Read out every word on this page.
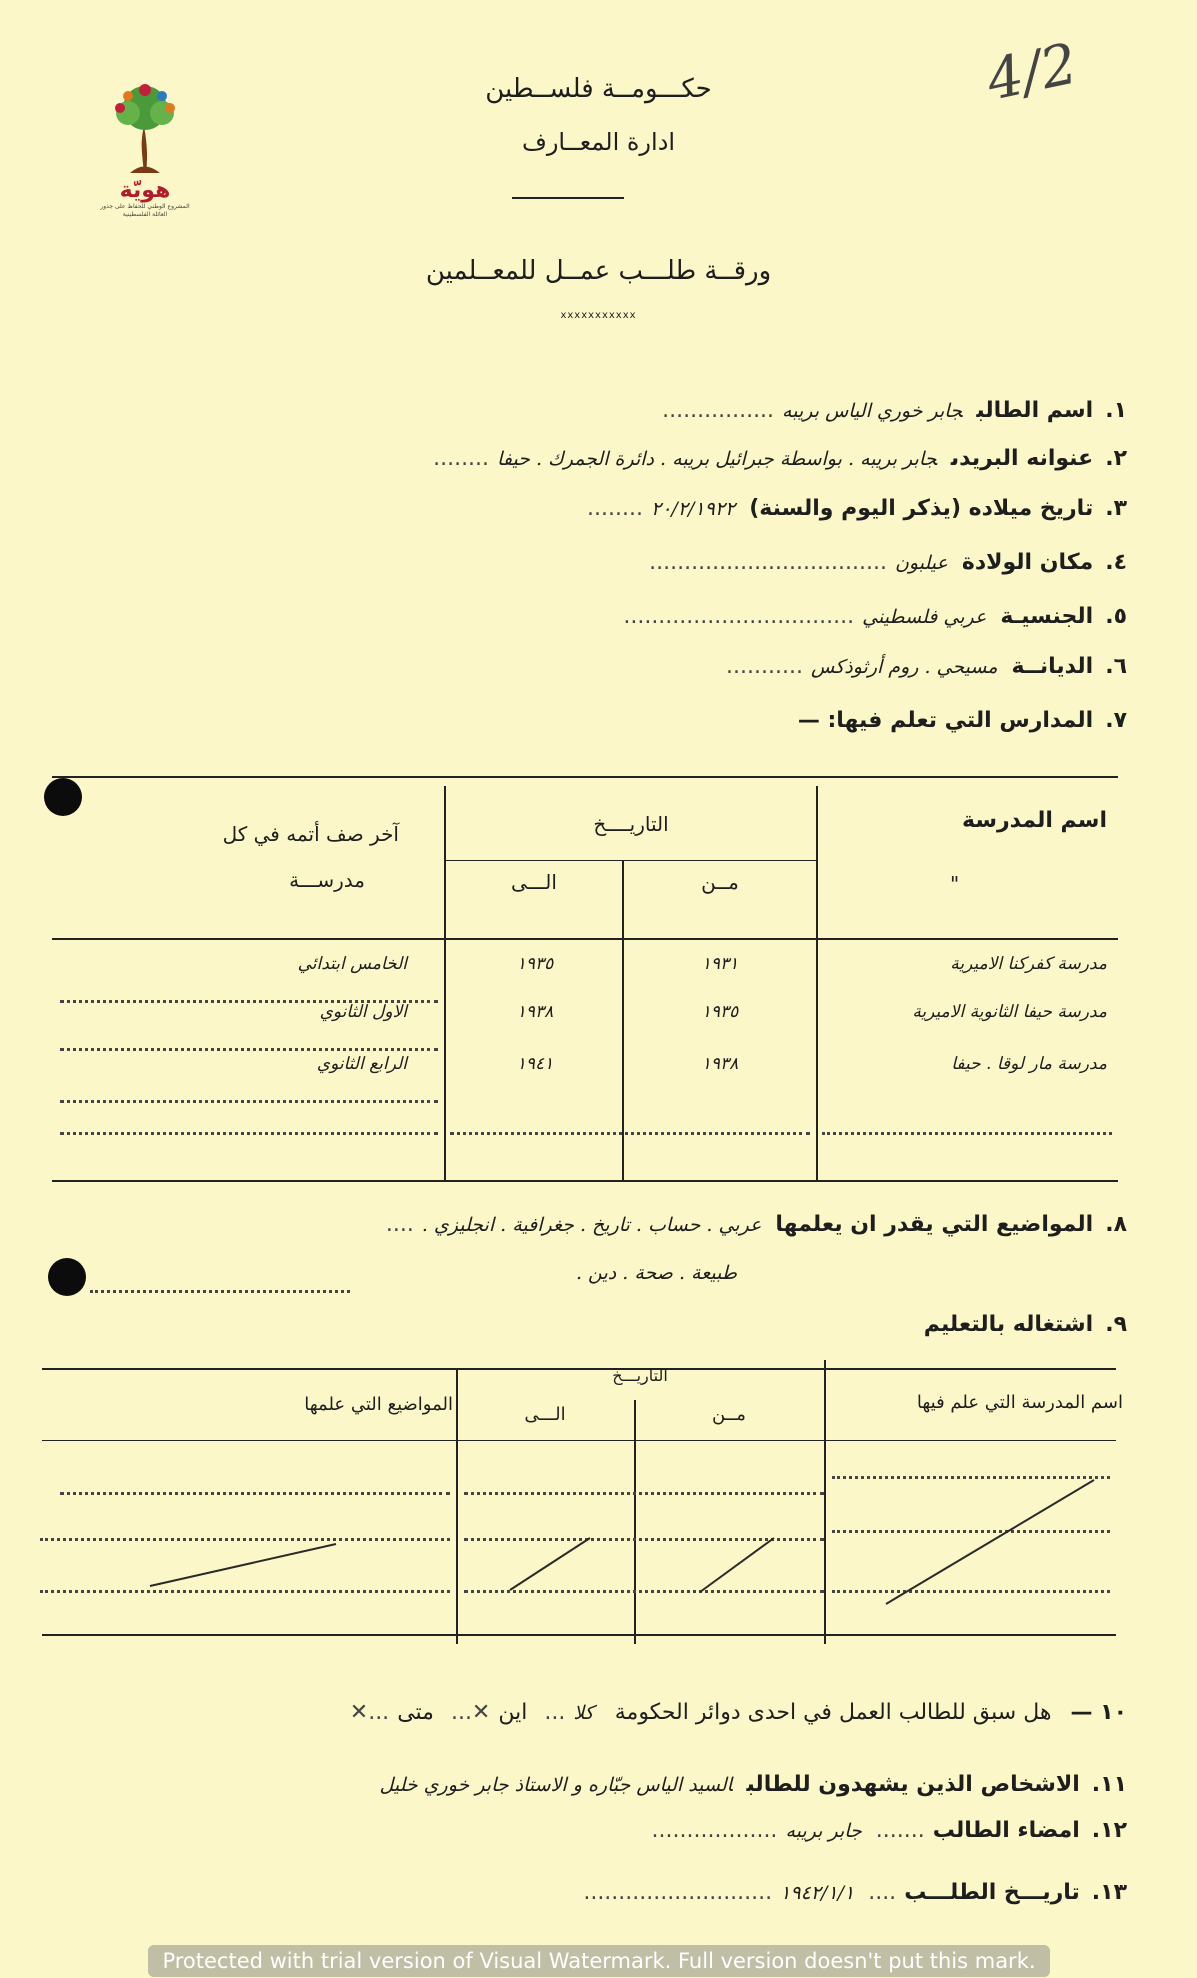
هويّة
المشروع الوطني للحفاظ على جذور العائلة الفلسطينية
4/2
حكـــومــة فلســطين
ادارة المعــارف
ورقــة طلـــب عمــل للمعــلمين
xxxxxxxxxxx
١.اسم الطالبجابر خوري الياس بريبه................
٢.عنوانه البريدىجابر بريبه . بواسطة جبرائيل بريبه . دائرة الجمرك . حيفا........
٣.تاريخ ميلاده (يذكر اليوم والسنة)٢٠/٢/١٩٢٢........
٤.مكان الولادةعيلبون..................................
٥.الجنسيـةعربي فلسطيني.................................
٦.الديانــةمسيحي . روم أرثوذكس...........
٧.المدارس التي تعلم فيها: —
اسم المدرسة
"
التاريــــخ
مــن
الـــى
آخر صف أتمه في كل
مدرســـة
مدرسة كفركنا الاميرية
١٩٣١
١٩٣٥
الخامس ابتدائي
مدرسة حيفا الثانوية الاميرية
١٩٣٥
١٩٣٨
الاول الثانوي
مدرسة مار لوقا . حيفا
١٩٣٨
١٩٤١
الرابع الثانوي
٨.المواضيع التي يقدر ان يعلمهاعربي . حساب . تاريخ . جغرافية . انجليزي .....
طبيعة . صحة . دين .
٩.اشتغاله بالتعليم
اسم المدرسة التي علم فيها
التاريـــخ
مــن
الـــى
المواضيع التي علمها
١٠ — هل سبق للطالب العمل في احدى دوائر الحكومة كلا... اين✕... متى...✕
١١.الاشخاص الذين يشهدون للطالبالسيد الياس جبّاره و الاستاذ جابر خوري خليل
١٢.امضاء الطالب.......جابر بريبه..................
١٣.تاريـــخ الطلـــب....١٩٤٢/١/١...........................
Protected with trial version of Visual Watermark. Full version doesn't put this mark.
